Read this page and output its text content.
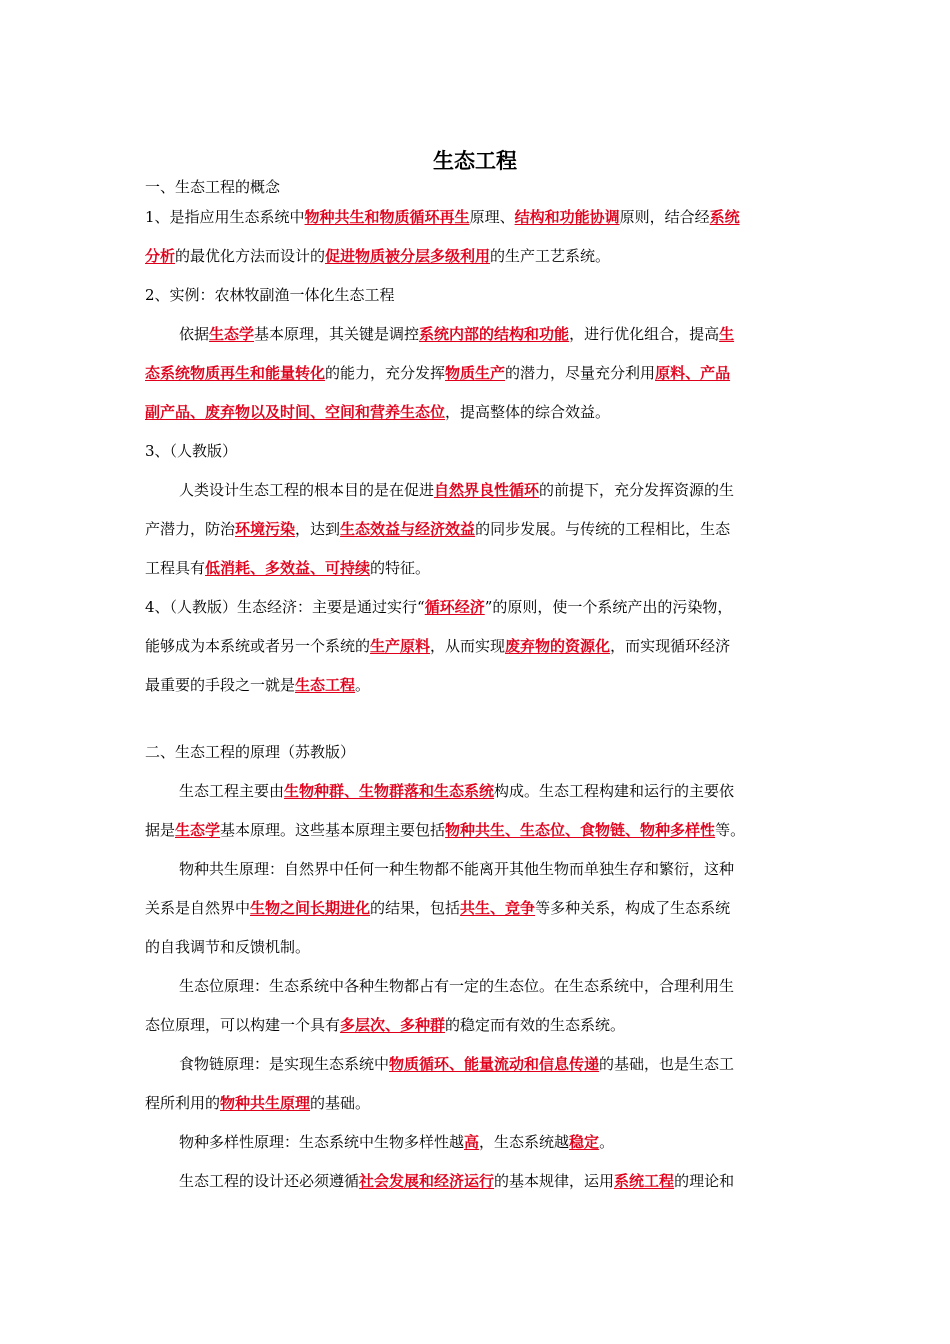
生态工程
一、生态工程的概念
1、是指应用生态系统中物种共生和物质循环再生原理、结构和功能协调原则，结合经系统
分析的最优化方法而设计的促进物质被分层多级利用的生产工艺系统。
2、实例：农林牧副渔一体化生态工程
依据生态学基本原理，其关键是调控系统内部的结构和功能，进行优化组合，提高生
态系统物质再生和能量转化的能力，充分发挥物质生产的潜力，尽量充分利用原料、产品
副产品、废弃物以及时间、空间和营养生态位，提高整体的综合效益。
3、（人教版）
人类设计生态工程的根本目的是在促进自然界良性循环的前提下，充分发挥资源的生
产潜力，防治环境污染，达到生态效益与经济效益的同步发展。与传统的工程相比，生态
工程具有低消耗、多效益、可持续的特征。
4、（人教版）生态经济：主要是通过实行“循环经济”的原则，使一个系统产出的污染物，
能够成为本系统或者另一个系统的生产原料，从而实现废弃物的资源化，而实现循环经济
最重要的手段之一就是生态工程。
二、生态工程的原理（苏教版）
生态工程主要由生物种群、生物群落和生态系统构成。生态工程构建和运行的主要依
据是生态学基本原理。这些基本原理主要包括物种共生、生态位、食物链、物种多样性等。
物种共生原理：自然界中任何一种生物都不能离开其他生物而单独生存和繁衍，这种
关系是自然界中生物之间长期进化的结果，包括共生、竞争等多种关系，构成了生态系统
的自我调节和反馈机制。
生态位原理：生态系统中各种生物都占有一定的生态位。在生态系统中，合理利用生
态位原理，可以构建一个具有多层次、多种群的稳定而有效的生态系统。
食物链原理：是实现生态系统中物质循环、能量流动和信息传递的基础，也是生态工
程所利用的物种共生原理的基础。
物种多样性原理：生态系统中生物多样性越高，生态系统越稳定。
生态工程的设计还必须遵循社会发展和经济运行的基本规律，运用系统工程的理论和
